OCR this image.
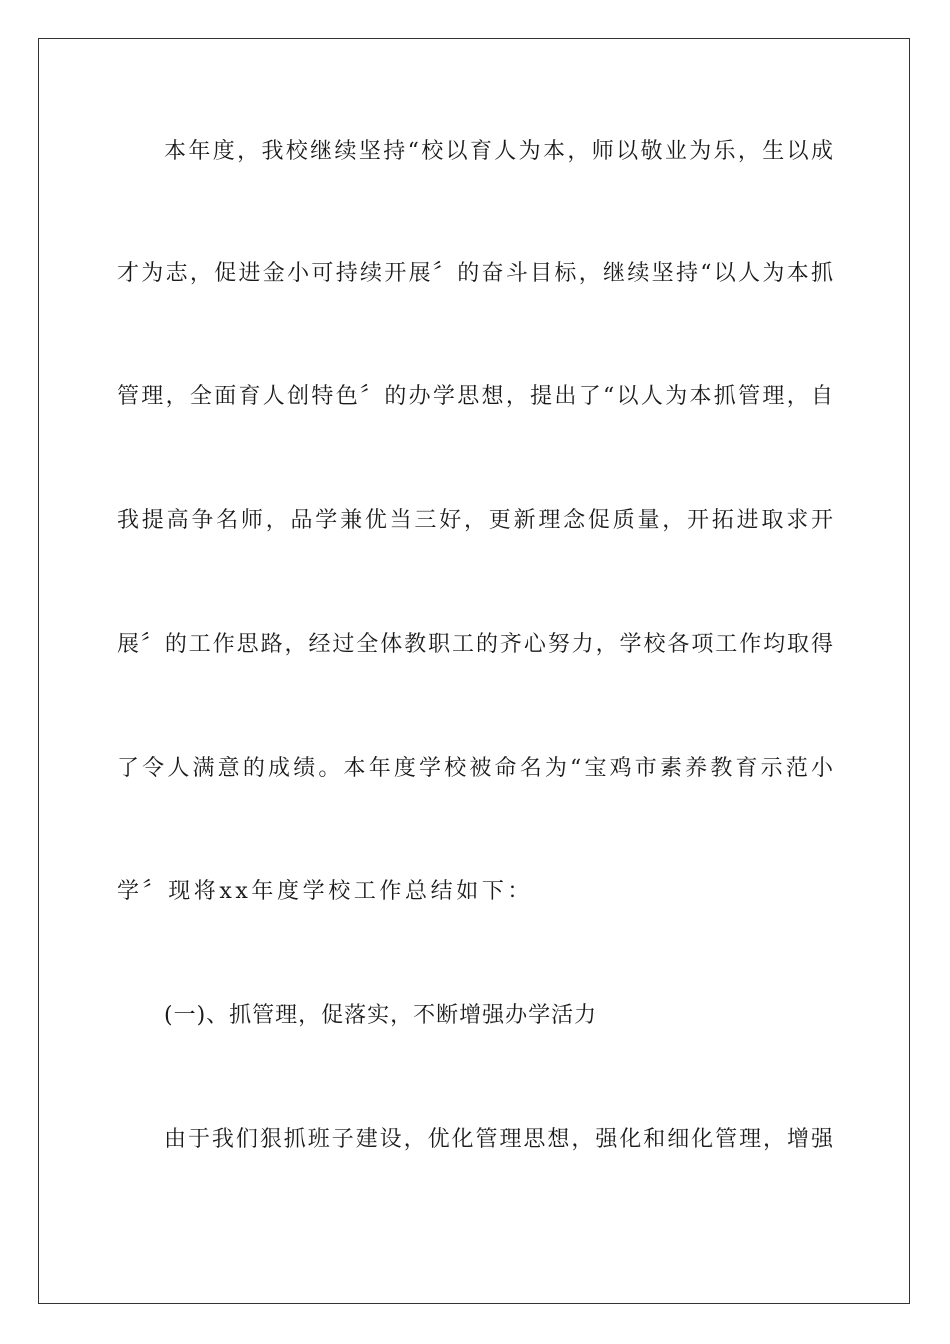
本年度，我校继续坚持“校以育人为本，师以敬业为乐，生以成
才为志，促进金小可持续开展〞的奋斗目标，继续坚持“以人为本抓
管理，全面育人创特色〞的办学思想，提出了“以人为本抓管理，自
我提高争名师，品学兼优当三好，更新理念促质量，开拓进取求开
展〞的工作思路，经过全体教职工的齐心努力，学校各项工作均取得
了令人满意的成绩。本年度学校被命名为“宝鸡市素养教育示范小
学〞现将xx年度学校工作总结如下：
(一)、抓管理，促落实，不断增强办学活力
由于我们狠抓班子建设，优化管理思想，强化和细化管理，增强
